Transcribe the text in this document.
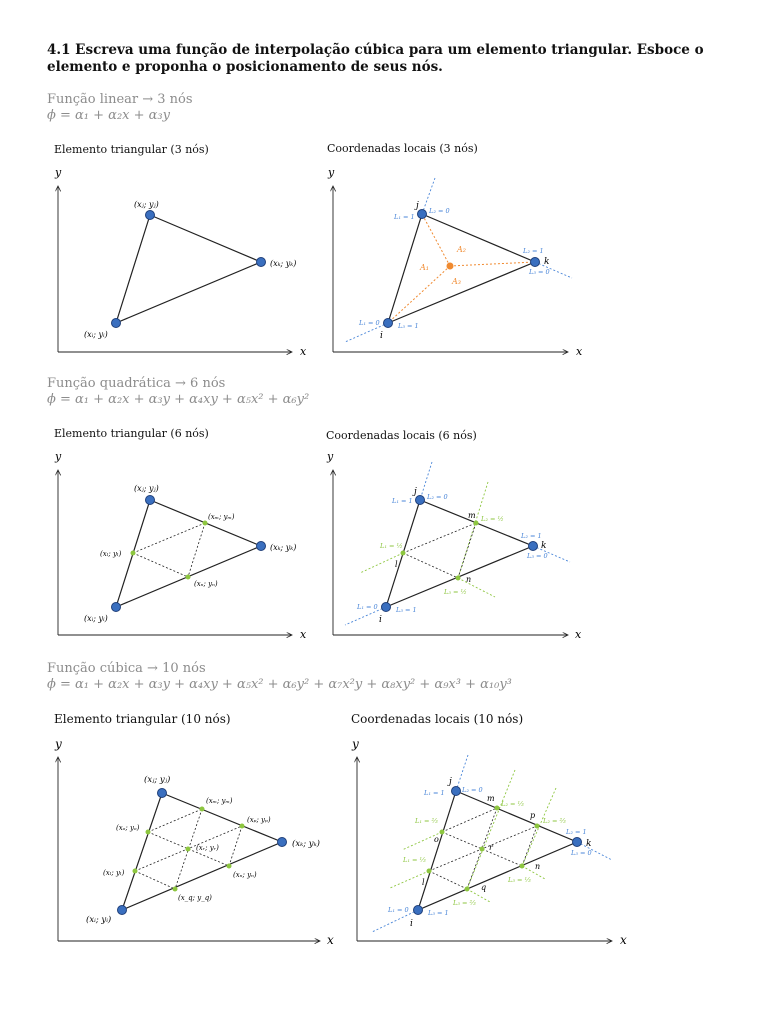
4.1 Escreva uma função de interpolação cúbica para um elemento triangular. Esboce o elemento e proponha o posicionamento de seus nós.
Função linear → 3 nós
ϕ = α₁ + α₂x + α₃y
Elemento triangular (3 nós)	Coordenadas locais (3 nós)
Função quadrática → 6 nós
ϕ = α₁ + α₂x + α₃y + α₄xy + α₅x² + α₆y²
Elemento triangular (6 nós)	Coordenadas locais (6 nós)
Função cúbica → 10 nós
ϕ = α₁ + α₂x + α₃y + α₄xy + α₅x² + α₆y² + α₇x²y + α₈xy² + α₉x³ + α₁₀y³
Elemento triangular (10 nós)	Coordenadas locais (10 nós)
y
x
(xᵢ; yᵢ)
(xⱼ; yⱼ)
(xₖ; yₖ)
y
x
i
j
k
A₁
A₂
A₃
L₁ = 1
L₂ = 0
L₂ = 1
L₃ = 0
L₁ = 0	L₃ = 1
y
x
(xᵢ; yᵢ)
(xⱼ; yⱼ)
(xₖ; yₖ)
(xₗ; yₗ)
(xₘ; yₘ)
(xₙ; yₙ)
y
x
i
j
k
l
m
n
L₁ = 1 L₂ = 0
L₂ = 1
L₃ = 0
L₁ = 0	L₃ = 1
L₁ = ½
L₂ = ½
L₃ = ½
y
x
(xᵢ; yᵢ)
(xⱼ; yⱼ)
(xₖ; yₖ)
(xₗ; yₗ)
(xₒ; yₒ)
(xₘ; yₘ)
(xₚ; yₚ)
(xₙ; yₙ)
(x_q; y_q)
(xᵣ; yᵣ)
y
x
i
j
k
l
o
m
p
n
q
r
L₁ = 1	L₂ = 0
L₂ = 1
L₃ = 0
L₁ = 0	L₃ = 1
L₁ = ⅔
L₁ = ⅓
L₂ = ⅓
L₂ = ⅔
L₃ = ⅓
L₃ = ⅔
